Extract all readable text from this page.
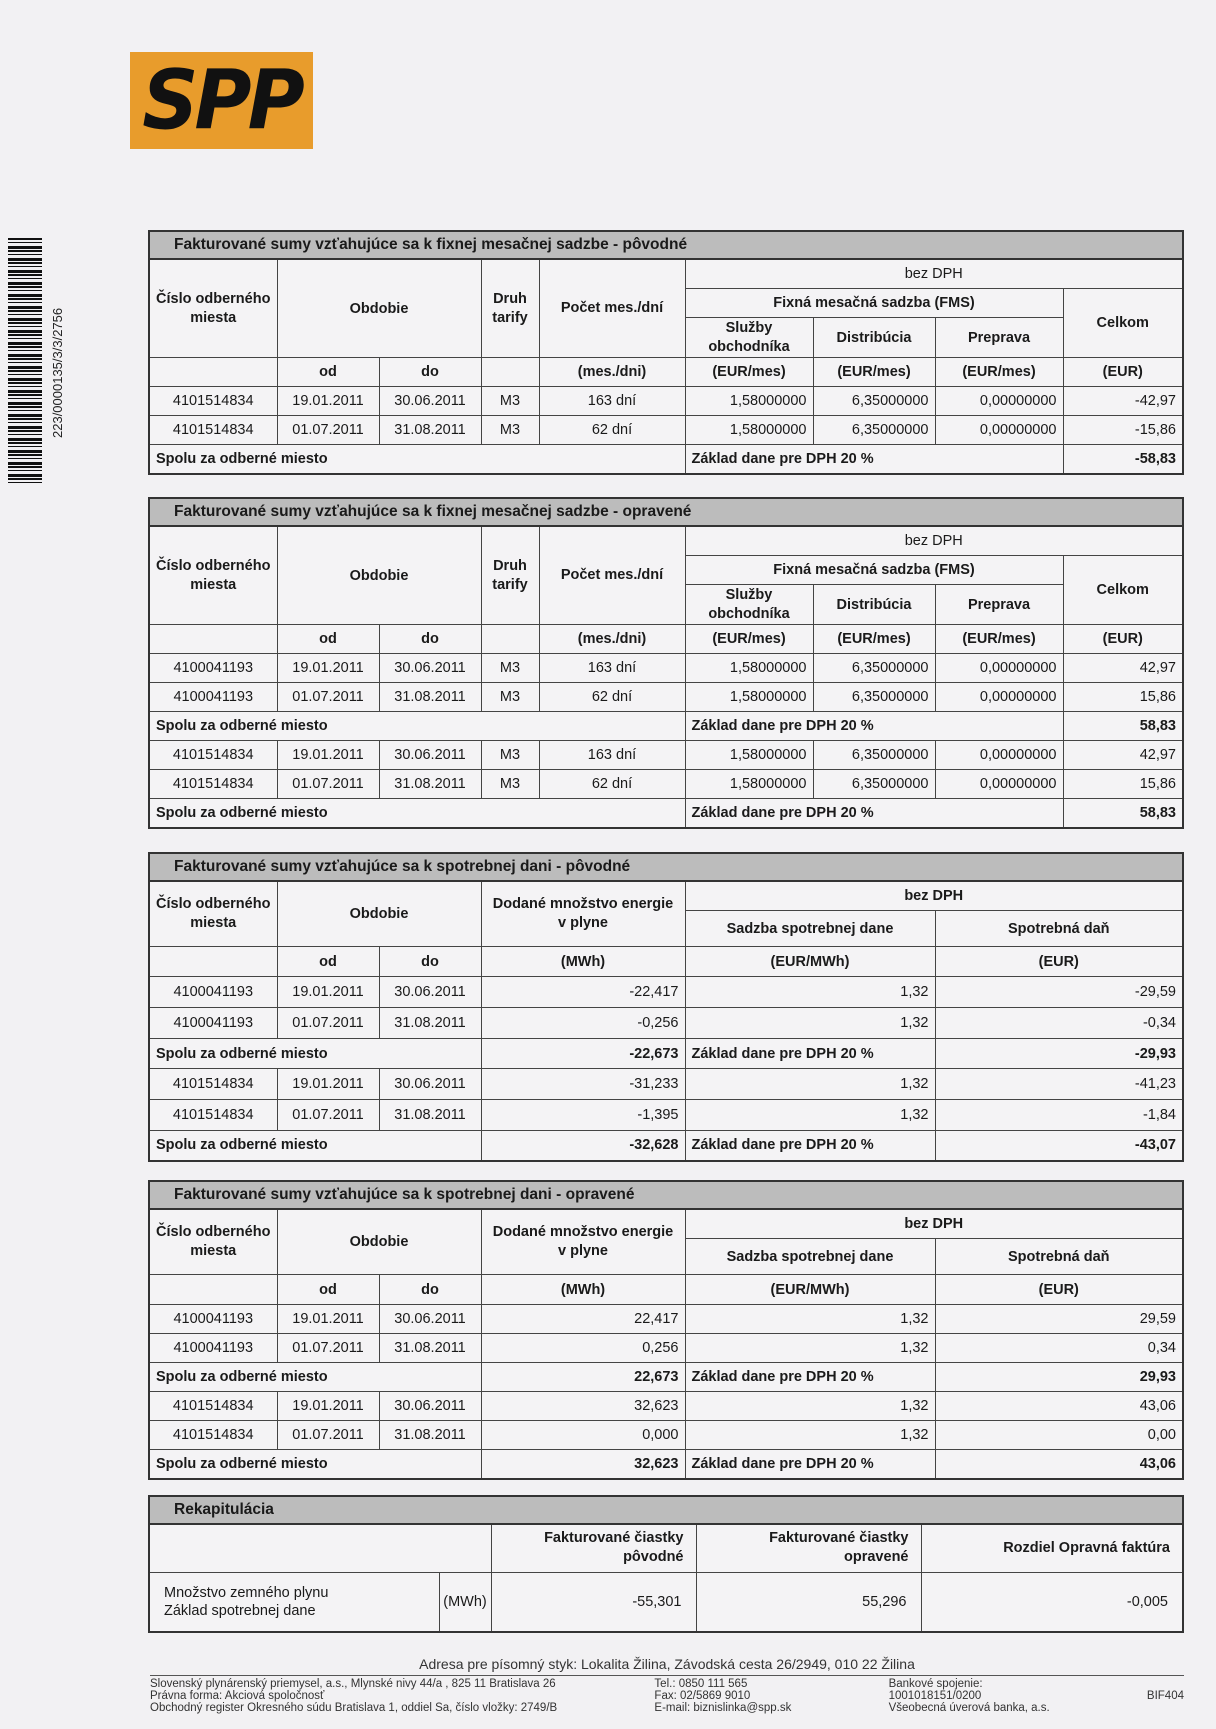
SPP
223/0000135/3/3/2756
Fakturované sumy vzťahujúce sa k fixnej mesačnej sadzbe - pôvodné
Číslo odberného miesta	Obdobie		Druh tarify	Počet mes./dní	bez DPH			
					Fixná mesačná sadzba (FMS)			Celkom
					Služby obchodníka	Distribúcia	Preprava	
	od	do		(mes./dni)	(EUR/mes)	(EUR/mes)	(EUR/mes)	(EUR)
4101514834	19.01.2011	30.06.2011	M3	163 dní	1,58000000	6,35000000	0,00000000	-42,97
4101514834	01.07.2011	31.08.2011	M3	62 dní	1,58000000	6,35000000	0,00000000	-15,86
Spolu za odberné miesto					Základ dane pre DPH 20 %			-58,83
Fakturované sumy vzťahujúce sa k fixnej mesačnej sadzbe - opravené
Číslo odberného miesta	Obdobie		Druh tarify	Počet mes./dní	bez DPH			
					Fixná mesačná sadzba (FMS)			Celkom
					Služby obchodníka	Distribúcia	Preprava	
	od	do		(mes./dni)	(EUR/mes)	(EUR/mes)	(EUR/mes)	(EUR)
4100041193	19.01.2011	30.06.2011	M3	163 dní	1,58000000	6,35000000	0,00000000	42,97
4100041193	01.07.2011	31.08.2011	M3	62 dní	1,58000000	6,35000000	0,00000000	15,86
Spolu za odberné miesto					Základ dane pre DPH 20 %			58,83
4101514834	19.01.2011	30.06.2011	M3	163 dní	1,58000000	6,35000000	0,00000000	42,97
4101514834	01.07.2011	31.08.2011	M3	62 dní	1,58000000	6,35000000	0,00000000	15,86
Spolu za odberné miesto					Základ dane pre DPH 20 %			58,83
Fakturované sumy vzťahujúce sa k spotrebnej dani - pôvodné
Číslo odberného miesta	Obdobie		Dodané množstvo energie v plyne	bez DPH	
				Sadzba spotrebnej dane	Spotrebná daň
	od	do	(MWh)	(EUR/MWh)	(EUR)
4100041193	19.01.2011	30.06.2011	-22,417	1,32	-29,59
4100041193	01.07.2011	31.08.2011	-0,256	1,32	-0,34
Spolu za odberné miesto			-22,673	Základ dane pre DPH 20 %	-29,93
4101514834	19.01.2011	30.06.2011	-31,233	1,32	-41,23
4101514834	01.07.2011	31.08.2011	-1,395	1,32	-1,84
Spolu za odberné miesto			-32,628	Základ dane pre DPH 20 %	-43,07
Fakturované sumy vzťahujúce sa k spotrebnej dani - opravené
Číslo odberného miesta	Obdobie		Dodané množstvo energie v plyne	bez DPH	
				Sadzba spotrebnej dane	Spotrebná daň
	od	do	(MWh)	(EUR/MWh)	(EUR)
4100041193	19.01.2011	30.06.2011	22,417	1,32	29,59
4100041193	01.07.2011	31.08.2011	0,256	1,32	0,34
Spolu za odberné miesto			22,673	Základ dane pre DPH 20 %	29,93
4101514834	19.01.2011	30.06.2011	32,623	1,32	43,06
4101514834	01.07.2011	31.08.2011	0,000	1,32	0,00
Spolu za odberné miesto			32,623	Základ dane pre DPH 20 %	43,06
Rekapitulácia
		Fakturované čiastky pôvodné	Fakturované čiastky opravené	Rozdiel Opravná faktúra

Množstvo zemného plynu
Základ spotrebnej dane	(MWh)	-55,301	55,296	-0,005
Adresa pre písomný styk: Lokalita Žilina, Závodská cesta 26/2949, 010 22 Žilina
Slovenský plynárenský priemysel, a.s., Mlynské nivy 44/a , 825 11 Bratislava 26
Právna forma: Akciová spoločnosť
Obchodný register Okresného súdu Bratislava 1, oddiel Sa, číslo vložky: 2749/B
Tel.: 0850 111 565
Fax: 02/5869 9010
E-mail: biznislinka@spp.sk
Bankové spojenie:
1001018151/0200
Všeobecná úverová banka, a.s.
BIF404
